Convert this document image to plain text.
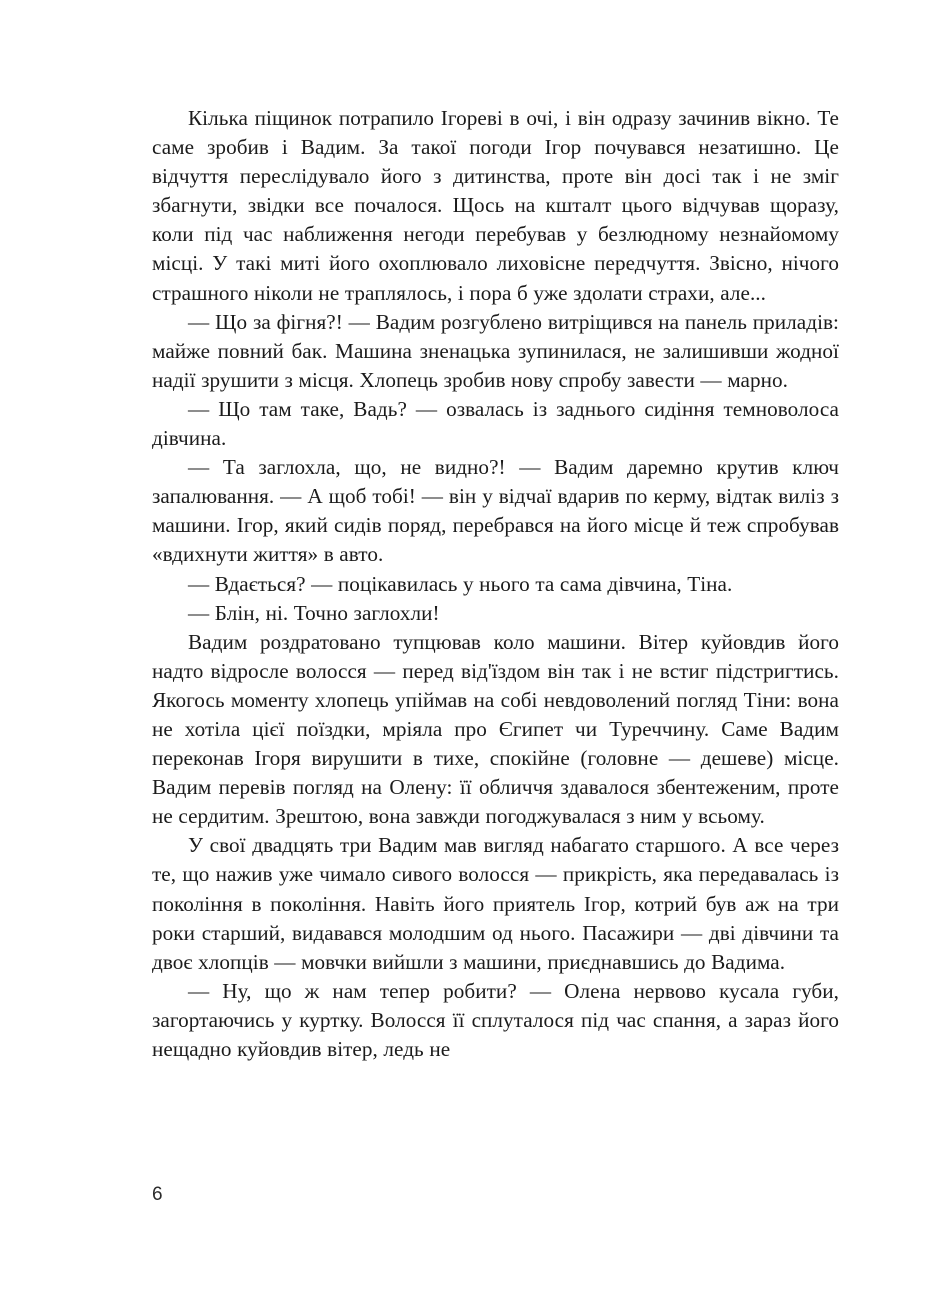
Кілька піщинок потрапило Ігореві в очі, і він одразу зачинив вікно. Те саме зробив і Вадим. За такої погоди Ігор почувався незатишно. Це відчуття переслідувало його з дитинства, проте він досі так і не зміг збагнути, звідки все почалося. Щось на кшталт цього відчував щоразу, коли під час наближення негоди перебував у безлюдному незнайомому місці. У такі миті його охоплювало лиховісне передчуття. Звісно, нічого страшного ніколи не траплялось, і пора б уже здолати страхи, але...

— Що за фігня?! — Вадим розгублено витріщився на панель приладів: майже повний бак. Машина зненацька зупинилася, не залишивши жодної надії зрушити з місця. Хлопець зробив нову спробу завести — марно.

— Що там таке, Вадь? — озвалась із заднього сидіння темноволоса дівчина.

— Та заглохла, що, не видно?! — Вадим даремно крутив ключ запалювання. — А щоб тобі! — він у відчаї вдарив по керму, відтак виліз з машини. Ігор, який сидів поряд, перебрався на його місце й теж спробував «вдихнути життя» в авто.

— Вдається? — поцікавилась у нього та сама дівчина, Тіна.

— Блін, ні. Точно заглохли!

Вадим роздратовано тупцював коло машини. Вітер куйовдив його надто відросле волосся — перед від'їздом він так і не встиг підстригтись. Якогось моменту хлопець упіймав на собі невдоволений погляд Тіни: вона не хотіла цієї поїздки, мріяла про Єгипет чи Туреччину. Саме Вадим переконав Ігоря вирушити в тихе, спокійне (головне — дешеве) місце. Вадим перевів погляд на Олену: її обличчя здавалося збентеженим, проте не сердитим. Зрештою, вона завжди погоджувалася з ним у всьому.

У свої двадцять три Вадим мав вигляд набагато старшого. А все через те, що нажив уже чимало сивого волосся — прикрість, яка передавалась із покоління в покоління. Навіть його приятель Ігор, котрий був аж на три роки старший, видавався молодшим од нього. Пасажири — дві дівчини та двоє хлопців — мовчки вийшли з машини, приєднавшись до Вадима.

— Ну, що ж нам тепер робити? — Олена нервово кусала губи, загортаючись у куртку. Волосся її сплуталося під час спання, а зараз його нещадно куйовдив вітер, ледь не

6
